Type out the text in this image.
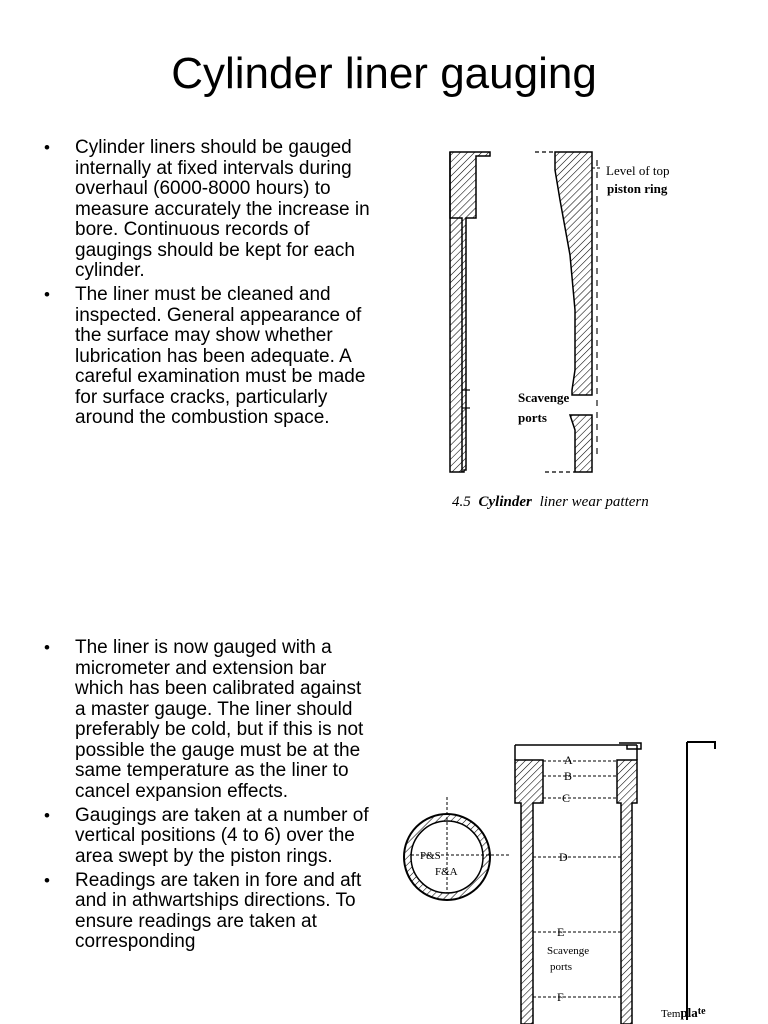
Cylinder liner gauging
•	Cylinder liners should be gauged internally at fixed intervals during overhaul (6000-8000 hours) to measure accurately the increase in bore. Continuous records of gaugings should be kept for each cylinder.
•	The liner must be cleaned and inspected. General appearance of the surface may show whether lubrication has been adequate. A careful examination must be made for surface cracks, particularly around the combustion space.
•	The liner is now gauged with a micrometer and extension bar which has been calibrated against a master gauge. The liner should preferably be cold, but if this is not possible the gauge must be at the same temperature as the liner to cancel expansion effects.
•	Gaugings are taken at a number of vertical positions (4 to 6) over the area swept by the piston rings.
•	Readings are taken in fore and aft and in athwartships directions. To ensure readings are taken at corresponding
Level of top
piston ring
Scavenge
ports
4.5 Cylinder liner wear pattern
P&S
F&A
A
B
C
D
E
F
Scavenge
ports
Template
